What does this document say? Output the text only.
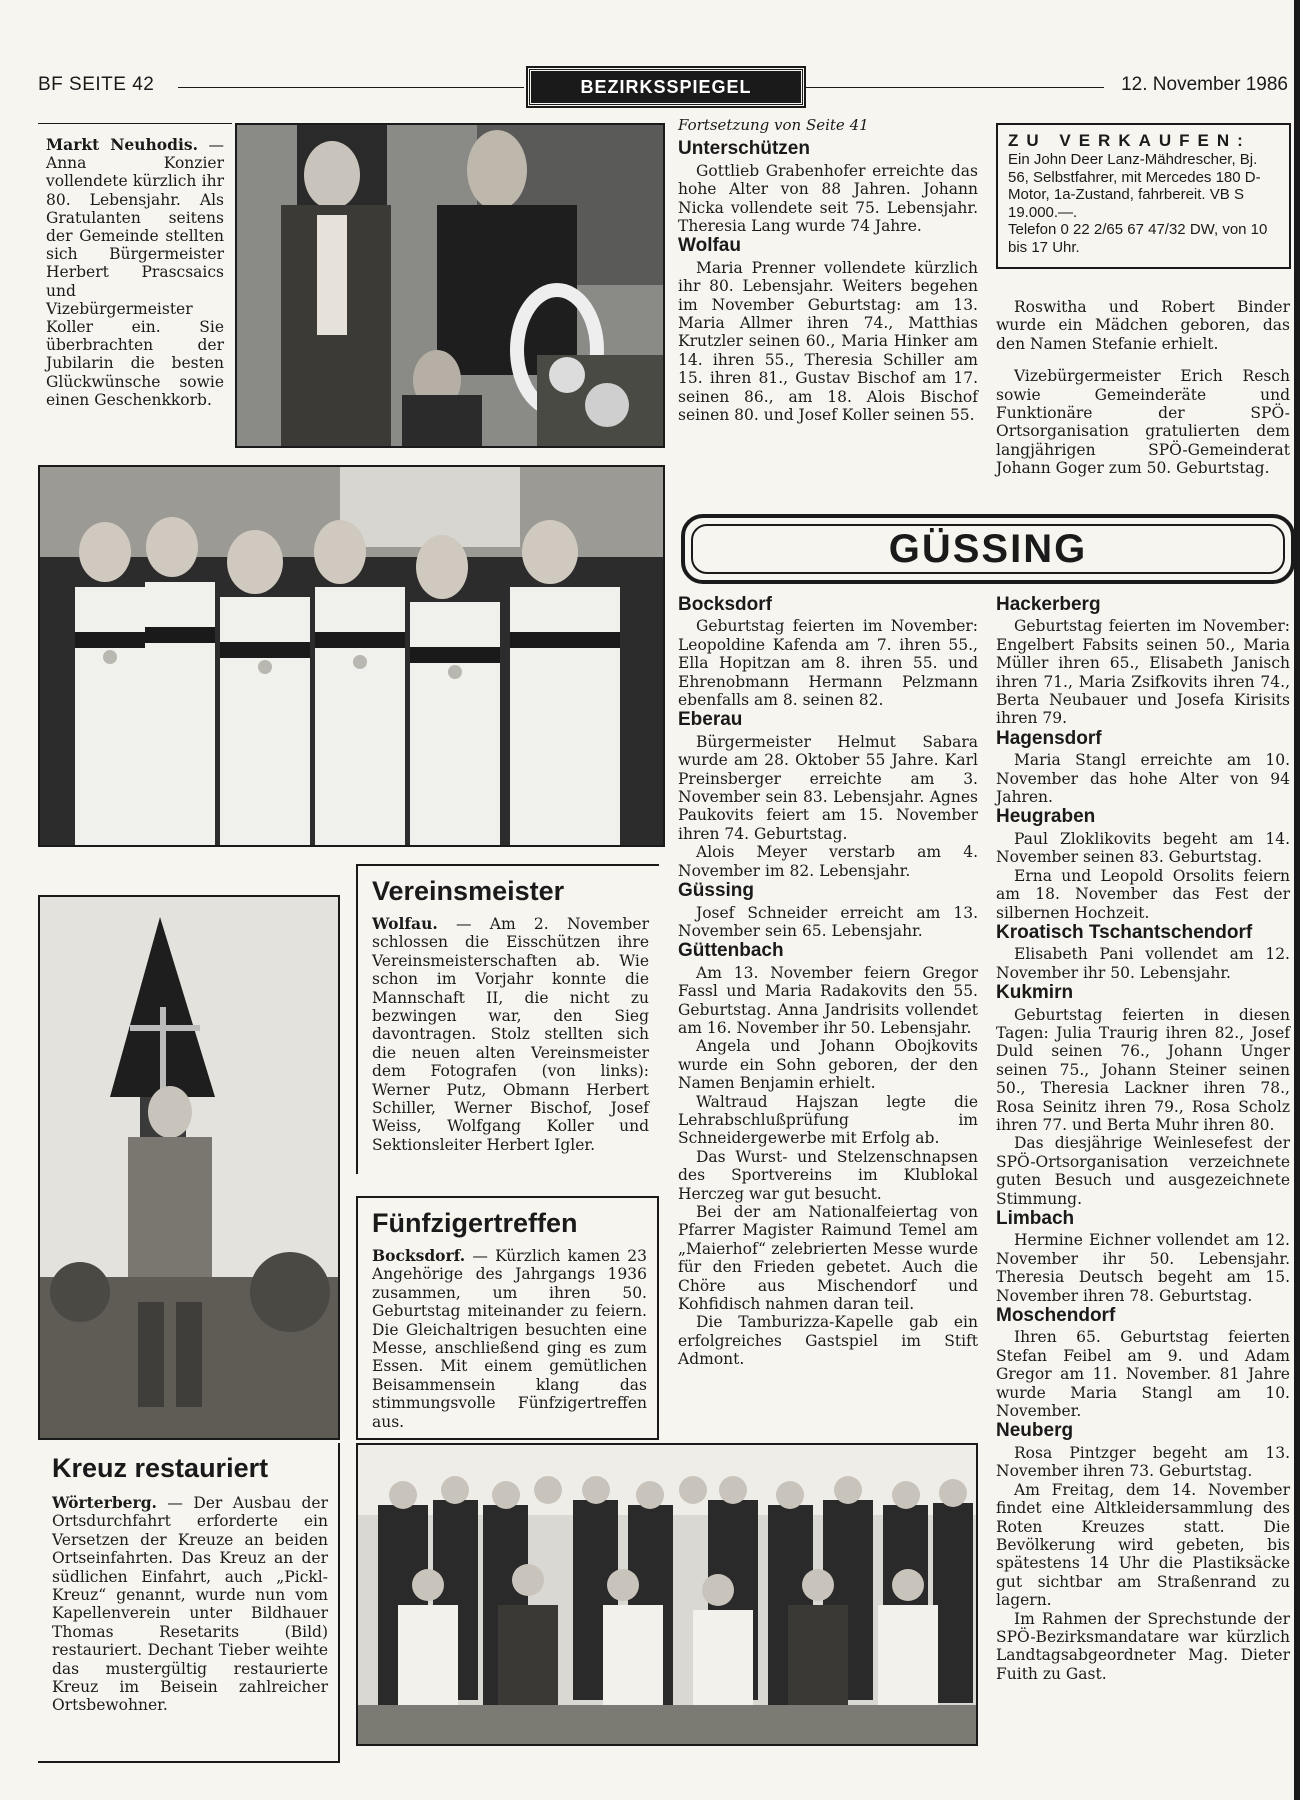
BF SEITE 42	BEZIRKSSPIEGEL	12. November 1986
Markt Neuhodis. — Anna Konzier vollendete kürzlich ihr 80. Lebensjahr. Als Gratulanten seitens der Gemeinde stellten sich Bürgermeister Herbert Prascsaics und Vizebürgermeister Koller ein. Sie überbrachten der Jubilarin die besten Glückwünsche sowie einen Geschenkkorb.
Fortsetzung von Seite 41
Unterschützen

Gottlieb Grabenhofer erreichte das hohe Alter von 88 Jahren. Johann Nicka vollendete seit 75. Lebensjahr. Theresia Lang wurde 74 Jahre.

Wolfau

Maria Prenner vollendete kürzlich ihr 80. Lebensjahr. Weiters begehen im November Geburtstag: am 13. Maria Allmer ihren 74., Matthias Krutzler seinen 60., Maria Hinker am 14. ihren 55., Theresia Schiller am 15. ihren 81., Gustav Bischof am 17. seinen 86., am 18. Alois Bischof seinen 80. und Josef Koller seinen 55.

ZU VERKAUFEN:
Ein John Deer Lanz-Mähdrescher, Bj. 56, Selbstfahrer, mit Mercedes 180 D-Motor, 1a-Zustand, fahrbereit. VB S 19.000.—.
Telefon 0 22 2/65 67 47/32 DW, von 10 bis 17 Uhr.

Roswitha und Robert Binder wurde ein Mädchen geboren, das den Namen Stefanie erhielt.

Vizebürgermeister Erich Resch sowie Gemeinderäte und Funktionäre der SPÖ-Ortsorganisation gratulierten dem langjährigen SPÖ-Gemeinderat Johann Goger zum 50. Geburtstag.

Vereinsmeister
Wolfau. — Am 2. November schlossen die Eisschützen ihre Vereinsmeisterschaften ab. Wie schon im Vorjahr konnte die Mannschaft II, die nicht zu bezwingen war, den Sieg davontragen. Stolz stellten sich die neuen alten Vereinsmeister dem Fotografen (von links): Werner Putz, Obmann Herbert Schiller, Werner Bischof, Josef Weiss, Wolfgang Koller und Sektionsleiter Herbert Igler.
Fünfzigertreffen
Bocksdorf. — Kürzlich kamen 23 Angehörige des Jahrgangs 1936 zusammen, um ihren 50. Geburtstag miteinander zu feiern. Die Gleichaltrigen besuchten eine Messe, anschließend ging es zum Essen. Mit einem gemütlichen Beisammensein klang das stimmungsvolle Fünfzigertreffen aus.
Kreuz restauriert
Wörterberg. — Der Ausbau der Ortsdurchfahrt erforderte ein Versetzen der Kreuze an beiden Ortseinfahrten. Das Kreuz an der südlichen Einfahrt, auch „Pickl-Kreuz“ genannt, wurde nun vom Kapellenverein unter Bildhauer Thomas Resetarits (Bild) restauriert. Dechant Tieber weihte das mustergültig restaurierte Kreuz im Beisein zahlreicher Ortsbewohner.
GÜSSING
Bocksdorf

Geburtstag feierten im November: Leopoldine Kafenda am 7. ihren 55., Ella Hopitzan am 8. ihren 55. und Ehrenobmann Hermann Pelzmann ebenfalls am 8. seinen 82.

Eberau

Bürgermeister Helmut Sabara wurde am 28. Oktober 55 Jahre. Karl Preinsberger erreichte am 3. November sein 83. Lebensjahr. Agnes Paukovits feiert am 15. November ihren 74. Geburtstag.

Alois Meyer verstarb am 4. November im 82. Lebensjahr.

Güssing

Josef Schneider erreicht am 13. November sein 65. Lebensjahr.

Güttenbach

Am 13. November feiern Gregor Fassl und Maria Radakovits den 55. Geburtstag. Anna Jandrisits vollendet am 16. November ihr 50. Lebensjahr.

Angela und Johann Obojkovits wurde ein Sohn geboren, der den Namen Benjamin erhielt.

Waltraud Hajszan legte die Lehrabschlußprüfung im Schneidergewerbe mit Erfolg ab.

Das Wurst- und Stelzenschnapsen des Sportvereins im Klublokal Herczeg war gut besucht.

Bei der am Nationalfeiertag von Pfarrer Magister Raimund Temel am „Maierhof“ zelebrierten Messe wurde für den Frieden gebetet. Auch die Chöre aus Mischendorf und Kohfidisch nahmen daran teil.

Die Tamburizza-Kapelle gab ein erfolgreiches Gastspiel im Stift Admont.

Hackerberg

Geburtstag feierten im November: Engelbert Fabsits seinen 50., Maria Müller ihren 65., Elisabeth Janisch ihren 71., Maria Zsifkovits ihren 74., Berta Neubauer und Josefa Kirisits ihren 79.

Hagensdorf

Maria Stangl erreichte am 10. November das hohe Alter von 94 Jahren.

Heugraben

Paul Zloklikovits begeht am 14. November seinen 83. Geburtstag.

Erna und Leopold Orsolits feiern am 18. November das Fest der silbernen Hochzeit.

Kroatisch Tschantschendorf

Elisabeth Pani vollendet am 12. November ihr 50. Lebensjahr.

Kukmirn

Geburtstag feierten in diesen Tagen: Julia Traurig ihren 82., Josef Duld seinen 76., Johann Unger seinen 75., Johann Steiner seinen 50., Theresia Lackner ihren 78., Rosa Seinitz ihren 79., Rosa Scholz ihren 77. und Berta Muhr ihren 80.

Das diesjährige Weinlesefest der SPÖ-Ortsorganisation verzeichnete guten Besuch und ausgezeichnete Stimmung.

Limbach

Hermine Eichner vollendet am 12. November ihr 50. Lebensjahr. Theresia Deutsch begeht am 15. November ihren 78. Geburtstag.

Moschendorf

Ihren 65. Geburtstag feierten Stefan Feibel am 9. und Adam Gregor am 11. November. 81 Jahre wurde Maria Stangl am 10. November.

Neuberg

Rosa Pintzger begeht am 13. November ihren 73. Geburtstag.

Am Freitag, dem 14. November findet eine Altkleidersammlung des Roten Kreuzes statt. Die Bevölkerung wird gebeten, bis spätestens 14 Uhr die Plastiksäcke gut sichtbar am Straßenrand zu lagern.

Im Rahmen der Sprechstunde der SPÖ-Bezirksmandatare war kürzlich Landtagsabgeordneter Mag. Dieter Fuith zu Gast.
